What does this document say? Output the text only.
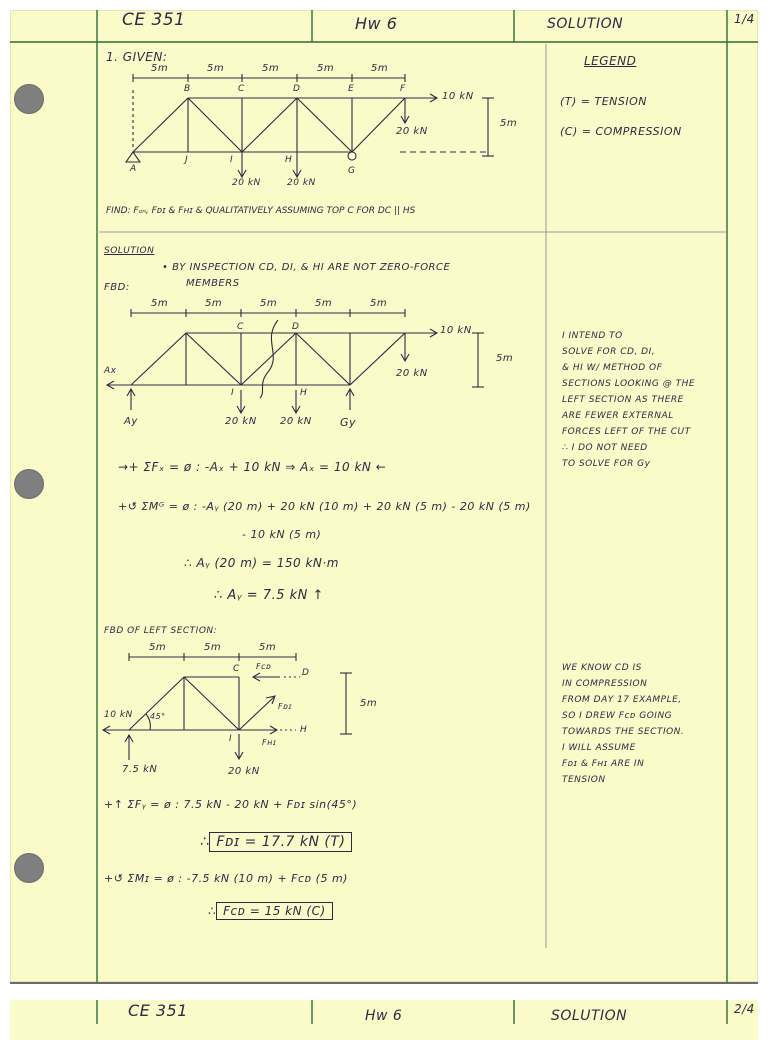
CE 351	Hw 6	SOLUTION	1/4
CE 351	Hw 6	SOLUTION	2/4
1. GIVEN:
5m	5m	5m	5m	5m
B	C	D	E	F
A
J	I	H
G
5m
10 kN
20 kN
20 kN	20 kN
FIND: Fₒₙ, Fᴅɪ & Fʜɪ & QUALITATIVELY ASSUMING TOP C FOR DC || HS
LEGEND
(T) = TENSION
(C) = COMPRESSION
SOLUTION
• BY INSPECTION CD, DI, & HI ARE NOT ZERO-FORCE
MEMBERS
FBD:
5m	5m	5m	5m	5m
C	D
I	H
Ax
Ay	Gy
5m
10 kN
20 kN
20 kN 20 kN
→+ ΣFₓ = ø : -Aₓ + 10 kN ⇒ Aₓ = 10 kN ←
+↺ ΣMᴳ = ø : -Aᵧ (20 m) + 20 kN (10 m) + 20 kN (5 m) - 20 kN (5 m)
- 10 kN (5 m)
∴ Aᵧ (20 m) = 150 kN·m
∴ Aᵧ = 7.5 kN ↑
FBD OF LEFT SECTION:
5m	5m	5m
C	D
I
H
45°
Fᴄᴅ
Fᴅɪ
Fʜɪ
5m
10 kN
7.5 kN	20 kN
+↑ ΣFᵧ = ø : 7.5 kN - 20 kN + Fᴅɪ sin(45°)
∴ Fᴅɪ = 17.7 kN (T)
+↺ ΣMɪ = ø : -7.5 kN (10 m) + Fᴄᴅ (5 m)
∴ Fᴄᴅ = 15 kN (C)
I INTEND TO
SOLVE FOR CD, DI,
& HI W/ METHOD OF
SECTIONS LOOKING @ THE
LEFT SECTION AS THERE
ARE FEWER EXTERNAL
FORCES LEFT OF THE CUT
∴ I DO NOT NEED
TO SOLVE FOR Gy
WE KNOW CD IS
IN COMPRESSION
FROM DAY 17 EXAMPLE,
SO I DREW Fᴄᴅ GOING
TOWARDS THE SECTION.
I WILL ASSUME
Fᴅɪ & Fʜɪ ARE IN
TENSION
